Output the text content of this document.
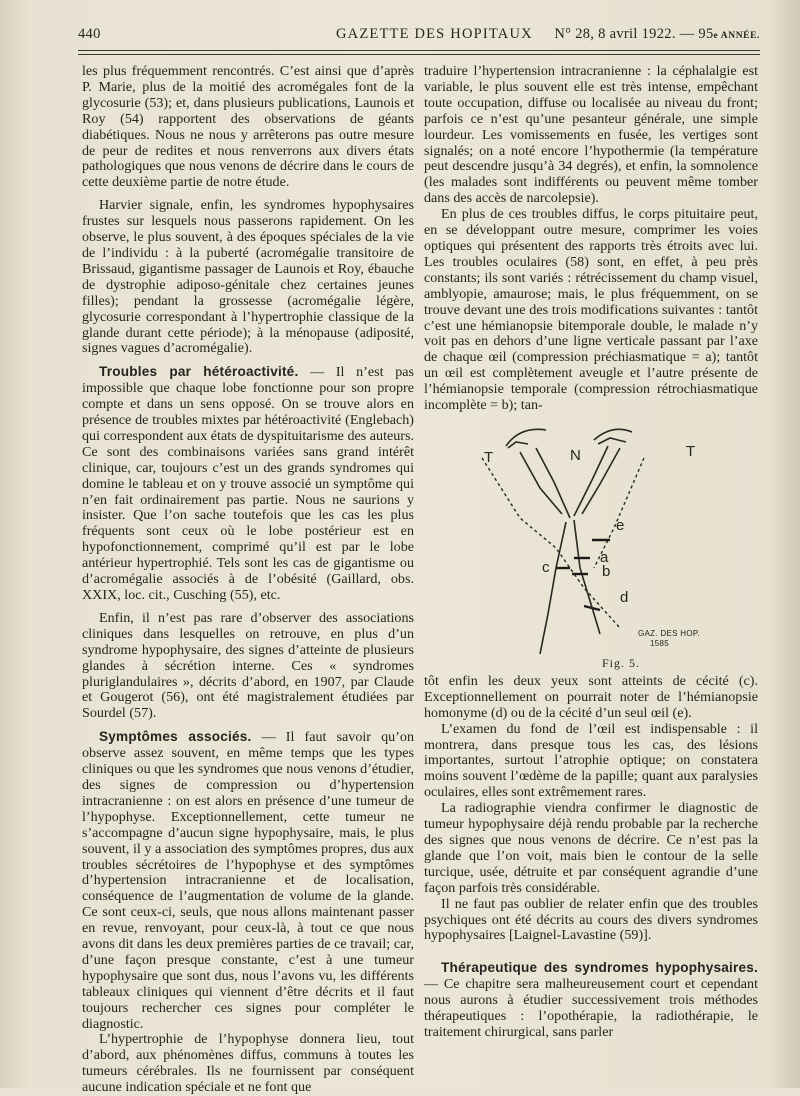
440	GAZETTE DES HOPITAUX N° 28, 8 avril 1922. — 95e ANNÉE.

les plus fréquemment rencontrés. C’est ainsi que d’après P. Marie, plus de la moitié des acromégales font de la glycosurie (53); et, dans plusieurs publications, Launois et Roy (54) rapportent des observations de géants diabétiques. Nous ne nous y arrêterons pas outre mesure de peur de redites et nous renverrons aux divers états pathologiques que nous venons de décrire dans le cours de cette deuxième partie de notre étude.

Harvier signale, enfin, les syndromes hypophysaires frustes sur lesquels nous passerons rapidement. On les observe, le plus souvent, à des époques spéciales de la vie de l’individu : à la puberté (acromégalie transitoire de Brissaud, gigantisme passager de Launois et Roy, ébauche de dystrophie adiposo-génitale chez certaines jeunes filles); pendant la grossesse (acromégalie légère, glycosurie correspondant à l’hypertrophie classique de la glande durant cette période); à la ménopause (adiposité, signes vagues d’acromégalie).

Troubles par hétéroactivité. — Il n’est pas impossible que chaque lobe fonctionne pour son propre compte et dans un sens opposé. On se trouve alors en présence de troubles mixtes par hétéroactivité (Englebach) qui correspondent aux états de dyspituitarisme des auteurs. Ce sont des combinaisons variées sans grand intérêt clinique, car, toujours c’est un des grands syndromes qui domine le tableau et on y trouve associé un symptôme qui n’en fait ordinairement pas partie. Nous ne saurions y insister. Que l’on sache toutefois que les cas les plus fréquents sont ceux où le lobe postérieur est en hypofonctionnement, comprimé qu’il est par le lobe antérieur hypertrophié. Tels sont les cas de gigantisme ou d’acromégalie associés à de l’obésité (Gaillard, obs. XXIX, loc. cit., Cusching (55), etc.

Enfin, il n’est pas rare d’observer des associations cliniques dans lesquelles on retrouve, en plus d’un syndrome hypophysaire, des signes d’atteinte de plusieurs glandes à sécrétion interne. Ces « syndromes pluriglandulaires », décrits d’abord, en 1907, par Claude et Gougerot (56), ont été magistralement étudiées par Sourdel (57).

Symptômes associés. — Il faut savoir qu’on observe assez souvent, en même temps que les types cliniques ou que les syndromes que nous venons d’étudier, des signes de compression ou d’hypertension intracranienne : on est alors en présence d’une tumeur de l’hypophyse. Exceptionnellement, cette tumeur ne s’accompagne d’aucun signe hypophysaire, mais, le plus souvent, il y a association des symptômes propres, dus aux troubles sécrétoires de l’hypophyse et des symptômes d’hypertension intracranienne et de localisation, conséquence de l’augmentation de volume de la glande. Ce sont ceux-ci, seuls, que nous allons maintenant passer en revue, renvoyant, pour ceux-là, à tout ce que nous avons dit dans les deux premières parties de ce travail; car, d’une façon presque constante, c’est à une tumeur hypophysaire que sont dus, nous l’avons vu, les différents tableaux cliniques qui viennent d’être décrits et il faut toujours rechercher ces signes pour compléter le diagnostic.

L’hypertrophie de l’hypophyse donnera lieu, tout d’abord, aux phénomènes diffus, communs à toutes les tumeurs cérébrales. Ils ne fournissent par conséquent aucune indication spéciale et ne font que

traduire l’hypertension intracranienne : la céphalalgie est variable, le plus souvent elle est très intense, empêchant toute occupation, diffuse ou localisée au niveau du front; parfois ce n’est qu’une pesanteur générale, une simple lourdeur. Les vomissements en fusée, les vertiges sont signalés; on a noté encore l’hypothermie (la température peut descendre jusqu’à 34 degrés), et enfin, la somnolence (les malades sont indifférents ou peuvent même tomber dans des accès de narcolepsie).

En plus de ces troubles diffus, le corps pituitaire peut, en se développant outre mesure, comprimer les voies optiques qui présentent des rapports très étroits avec lui. Les troubles oculaires (58) sont, en effet, à peu près constants; ils sont variés : rétrécissement du champ visuel, amblyopie, amaurose; mais, le plus fréquemment, on se trouve devant une des trois modifications suivantes : tantôt c’est une hémianopsie bitemporale double, le malade n’y voit pas en dehors d’une ligne verticale passant par l’axe de chaque œil (compression préchiasmatique = a); tantôt un œil est complètement aveugle et l’autre présente de l’hémianopsie temporale (compression rétrochiasmatique incomplète = b); tan-

T	N	T
e
a
b
c
d
GAZ. DES HOP.
1585
Fig. 5.

tôt enfin les deux yeux sont atteints de cécité (c). Exceptionnellement on pourrait noter de l’hémianopsie homonyme (d) ou de la cécité d’un seul œil (e).

L’examen du fond de l’œil est indispensable : il montrera, dans presque tous les cas, des lésions importantes, surtout l’atrophie optique; on constatera moins souvent l’œdème de la papille; quant aux paralysies oculaires, elles sont extrêmement rares.

La radiographie viendra confirmer le diagnostic de tumeur hypophysaire déjà rendu probable par la recherche des signes que nous venons de décrire. Ce n’est pas la glande que l’on voit, mais bien le contour de la selle turcique, usée, détruite et par conséquent agrandie d’une façon parfois très considérable.

Il ne faut pas oublier de relater enfin que des troubles psychiques ont été décrits au cours des divers syndromes hypophysaires [Laignel-Lavastine (59)].

Thérapeutique des syndromes hypophysaires. — Ce chapitre sera malheureusement court et cependant nous aurons à étudier successivement trois méthodes thérapeutiques : l’opothérapie, la radiothérapie, le traitement chirurgical, sans parler
